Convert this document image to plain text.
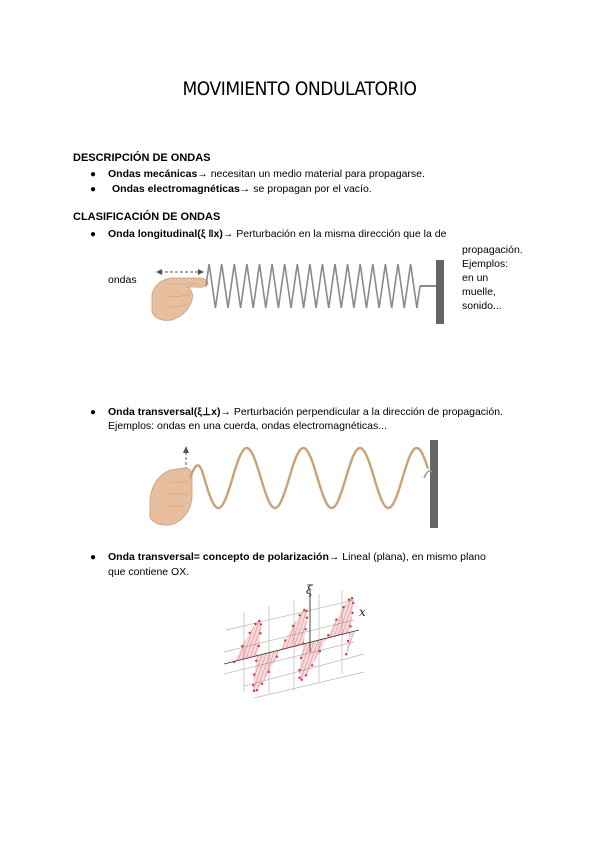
MOVIMIENTO ONDULATORIO
DESCRIPCIÓN DE ONDAS
● Ondas mecánicas→ necesitan un medio material para propagarse.
● Ondas electromagnéticas→ se propagan por el vacío.
CLASIFICACIÓN DE ONDAS
● Onda longitudinal(ξ ǁx)→ Perturbación en la misma dirección que la de
propagación.
Ejemplos:
en un
muelle,
sonido...
ondas
● Onda transversal(ξ⊥x)→ Perturbación perpendicular a la dirección de propagación.
Ejemplos: ondas en una cuerda, ondas electromagnéticas...
● Onda transversal= concepto de polarización→ Lineal (plana), en mismo plano
que contiene OX.
ξ
x
